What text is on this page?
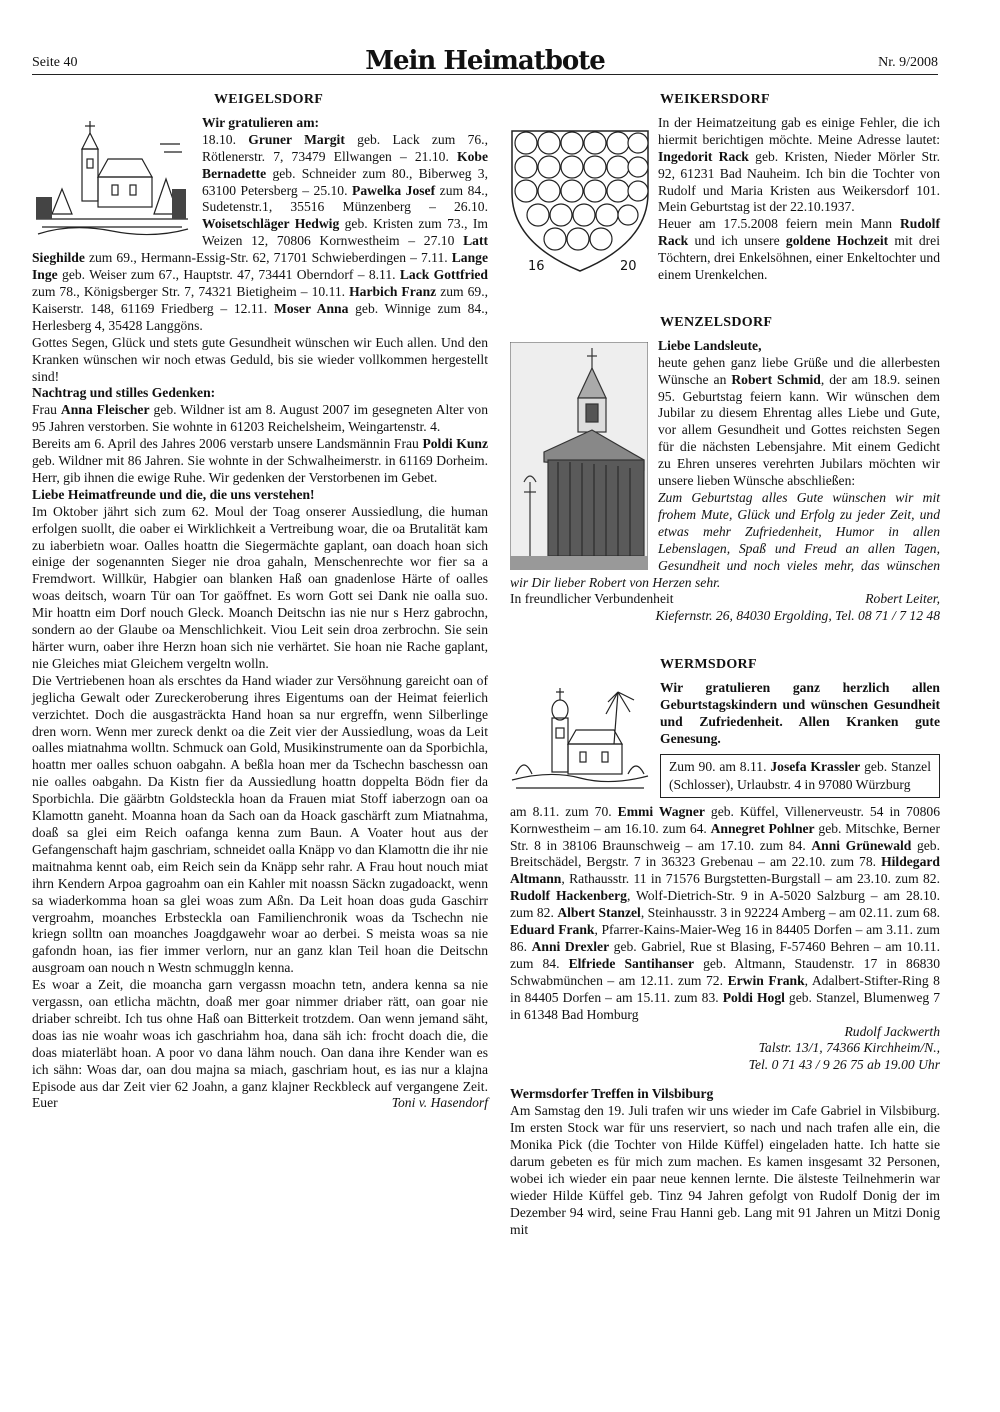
Seite 40	Mein Heimatbote	Nr. 9/2008
WEIGELSDORF

Wir gratulieren am:

18.10. Gruner Margit geb. Lack zum 76., Rötlenerstr. 7, 73479 Ellwangen – 21.10. Kobe Bernadette geb. Schneider zum 80., Biberweg 3, 63100 Petersberg – 25.10. Pawelka Josef zum 84., Sudetenstr.1, 35516 Münzenberg – 26.10. Woisetschläger Hedwig geb. Kristen zum 73., Im Weizen 12, 70806 Kornwestheim – 27.10 Latt Sieghilde zum 69., Hermann-Essig-Str. 62, 71701 Schwieberdingen – 7.11. Lange Inge geb. Weiser zum 67., Hauptstr. 47, 73441 Oberndorf – 8.11. Lack Gottfried zum 78., Königsberger Str. 7, 74321 Bietigheim – 10.11. Harbich Franz zum 69., Kaiserstr. 148, 61169 Friedberg – 12.11. Moser Anna geb. Winnige zum 84., Herlesberg 4, 35428 Langgöns.

Gottes Segen, Glück und stets gute Gesundheit wünschen wir Euch allen. Und den Kranken wünschen wir noch etwas Geduld, bis sie wieder vollkommen hergestellt sind!

Nachtrag und stilles Gedenken:

Frau Anna Fleischer geb. Wildner ist am 8. August 2007 im gesegneten Alter von 95 Jahren verstorben. Sie wohnte in 61203 Reichelsheim, Weingartenstr. 4.

Bereits am 6. April des Jahres 2006 verstarb unsere Landsmännin Frau Poldi Kunz geb. Wildner mit 86 Jahren. Sie wohnte in der Schwalheimerstr. in 61169 Dorheim. Herr, gib ihnen die ewige Ruhe. Wir gedenken der Verstorbenen im Gebet.

Liebe Heimatfreunde und die, die uns verstehen!

Im Oktober jährt sich zum 62. Moul der Toag onserer Aussiedlung, die human erfolgen suollt, die oaber ei Wirklichkeit a Vertreibung woar, die oa Brutalität kam zu iaberbietn woar. Oalles hoattn die Siegermächte gaplant, oan doach hoan sich einige der sogenannten Sieger nie droa gahaln, Menschenrechte wor fier sa a Fremdwort. Willkür, Habgier oan blanken Haß oan gnadenlose Härte of oalles woas deitsch, woarn Tür oan Tor gaöffnet. Es worn Gott sei Dank nie oalla suo. Mir hoattn eim Dorf nouch Gleck. Moanch Deitschn ias nie nur s Herz gabrochn, sondern ao der Glaube oa Menschlichkeit. Viou Leit sein droa zerbrochn. Sie sein härter wurn, oaber ihre Herzn hoan sich nie verhärtet. Sie hoan nie Rache gaplant, nie Gleiches miat Gleichem vergeltn wolln.

Die Vertriebenen hoan als erschtes da Hand wiader zur Versöhnung gareicht oan of jeglicha Gewalt oder Zureckeroberung ihres Eigentums oan der Heimat feierlich verzichtet. Doch die ausgasträckta Hand hoan sa nur ergreffn, wenn Silberlinge dren worn. Wenn mer zureck denkt oa die Zeit vier der Aussiedlung, woas da Leit oalles miatnahma wolltn. Schmuck oan Gold, Musikinstrumente oan da Sporbichla, hoattn mer oalles schuon oabgahn. A beßla hoan mer da Tschechn baschessn oan nie oalles oabgahn. Da Kistn fier da Aussiedlung hoattn doppelta Bödn fier da Sporbichla. Die gäärbtn Goldsteckla hoan da Frauen miat Stoff iaberzogn oan oa Klamottn ganeht. Moanna hoan da Sach oan da Hoack gaschärft zum Miatnahma, doaß sa glei eim Reich oafanga kenna zum Baun. A Voater hout aus der Gefangenschaft hajm gaschriam, schneidet oalla Knäpp vo dan Klamottn die ihr nie maitnahma kennt oab, eim Reich sein da Knäpp sehr rahr. A Frau hout nouch miat ihrn Kendern Arpoa gagroahm oan ein Kahler mit noassn Säckn zugadoackt, wenn sa wiaderkomma hoan sa glei woas zum Aßn. Da Leit hoan doas guda Gaschirr vergroahm, moanches Erbsteckla oan Familienchronik woas da Tschechn nie kriegn solltn oan moanches Joagdgawehr woar ao derbei. S meista woas sa nie gafondn hoan, ias fier immer verlorn, nur an ganz klan Teil hoan die Deitschn ausgroam oan nouch n Westn schmuggln kenna.

Es woar a Zeit, die moancha garn vergassn moachn tetn, andera kenna sa nie vergassn, oan etlicha mächtn, doaß mer goar nimmer driaber rätt, oan goar nie driaber schreibt. Ich tus ohne Haß oan Bitterkeit trotzdem. Oan wenn jemand säht, doas ias nie woahr woas ich gaschriahm hoa, dana säh ich: frocht doach die, die doas miaterläbt hoan. A poor vo dana lähm nouch. Oan dana ihre Kender wan es ich sähn: Woas dar, oan dou majna sa miach, gaschriam hout, es ias nur a klajna Episode aus dar Zeit vier 62 Joahn, a ganz klajner Reckbleck auf vergangene Zeit. Euer	Toni v. Hasendorf

WEIKERSDORF
16	20

In der Heimatzeitung gab es einige Fehler, die ich hiermit berichtigen möchte. Meine Adresse lautet: Ingedorit Rack geb. Kristen, Nieder Mörler Str. 92, 61231 Bad Nauheim. Ich bin die Tochter von Rudolf und Maria Kristen aus Weikersdorf 101. Mein Geburtstag ist der 22.10.1937.

Heuer am 17.5.2008 feiern mein Mann Rudolf Rack und ich unsere goldene Hochzeit mit drei Töchtern, drei Enkelsöhnen, einer Enkeltochter und einem Urenkelchen.

WENZELSDORF

Liebe Landsleute,

heute gehen ganz liebe Grüße und die allerbesten Wünsche an Robert Schmid, der am 18.9. seinen 95. Geburtstag feiern kann. Wir wünschen dem Jubilar zu diesem Ehrentag alles Liebe und Gute, vor allem Gesundheit und Gottes reichsten Segen für die nächsten Lebensjahre. Mit einem Gedicht zu Ehren unseres verehrten Jubilars möchten wir unsere lieben Wünsche abschließen:

Zum Geburtstag alles Gute wünschen wir mit frohem Mute, Glück und Erfolg zu jeder Zeit, und etwas mehr Zufriedenheit, Humor in allen Lebenslagen, Spaß und Freud an allen Tagen, Gesundheit und noch vieles mehr, das wünschen wir Dir lieber Robert von Herzen sehr.

In freundlicher Verbundenheit	Robert Leiter,

Kiefernstr. 26, 84030 Ergolding, Tel. 08 71 / 7 12 48

WERMSDORF

Wir gratulieren ganz herzlich allen Geburtstagskindern und wünschen Gesundheit und Zufriedenheit. Allen Kranken gute Genesung.

Zum 90. am 8.11. Josefa Krassler geb. Stanzel (Schlosser), Urlaubstr. 4 in 97080 Würzburg

am 8.11. zum 70. Emmi Wagner geb. Küffel, Villenerveustr. 54 in 70806 Kornwestheim – am 16.10. zum 64. Annegret Pohlner geb. Mitschke, Berner Str. 8 in 38106 Braunschweig – am 17.10. zum 84. Anni Grünewald geb. Breitschädel, Bergstr. 7 in 36323 Grebenau – am 22.10. zum 78. Hildegard Altmann, Rathausstr. 11 in 71576 Burgstetten-Burgstall – am 23.10. zum 82. Rudolf Hackenberg, Wolf-Dietrich-Str. 9 in A-5020 Salzburg – am 28.10. zum 82. Albert Stanzel, Steinhausstr. 3 in 92224 Amberg – am 02.11. zum 68. Eduard Frank, Pfarrer-Kains-Maier-Weg 16 in 84405 Dorfen – am 3.11. zum 86. Anni Drexler geb. Gabriel, Rue st Blasing, F-57460 Behren – am 10.11. zum 84. Elfriede Santihanser geb. Altmann, Staudenstr. 17 in 86830 Schwabmünchen – am 12.11. zum 72. Erwin Frank, Adalbert-Stifter-Ring 8 in 84405 Dorfen – am 15.11. zum 83. Poldi Hogl geb. Stanzel, Blumenweg 7 in 61348 Bad Homburg

Rudolf Jackwerth

Talstr. 13/1, 74366 Kirchheim/N.,

Tel. 0 71 43 / 9 26 75 ab 19.00 Uhr

Wermsdorfer Treffen in Vilsbiburg

Am Samstag den 19. Juli trafen wir uns wieder im Cafe Gabriel in Vilsbiburg. Im ersten Stock war für uns reserviert, so nach und nach trafen alle ein, die Monika Pick (die Tochter von Hilde Küffel) eingeladen hatte. Ich hatte sie darum gebeten es für mich zum machen. Es kamen insgesamt 32 Personen, wobei ich wieder ein paar neue kennen lernte. Die älsteste Teilnehmerin war wieder Hilde Küffel geb. Tinz 94 Jahren gefolgt von Rudolf Donig der im Dezember 94 wird, seine Frau Hanni geb. Lang mit 91 Jahren un Mitzi Donig mit
